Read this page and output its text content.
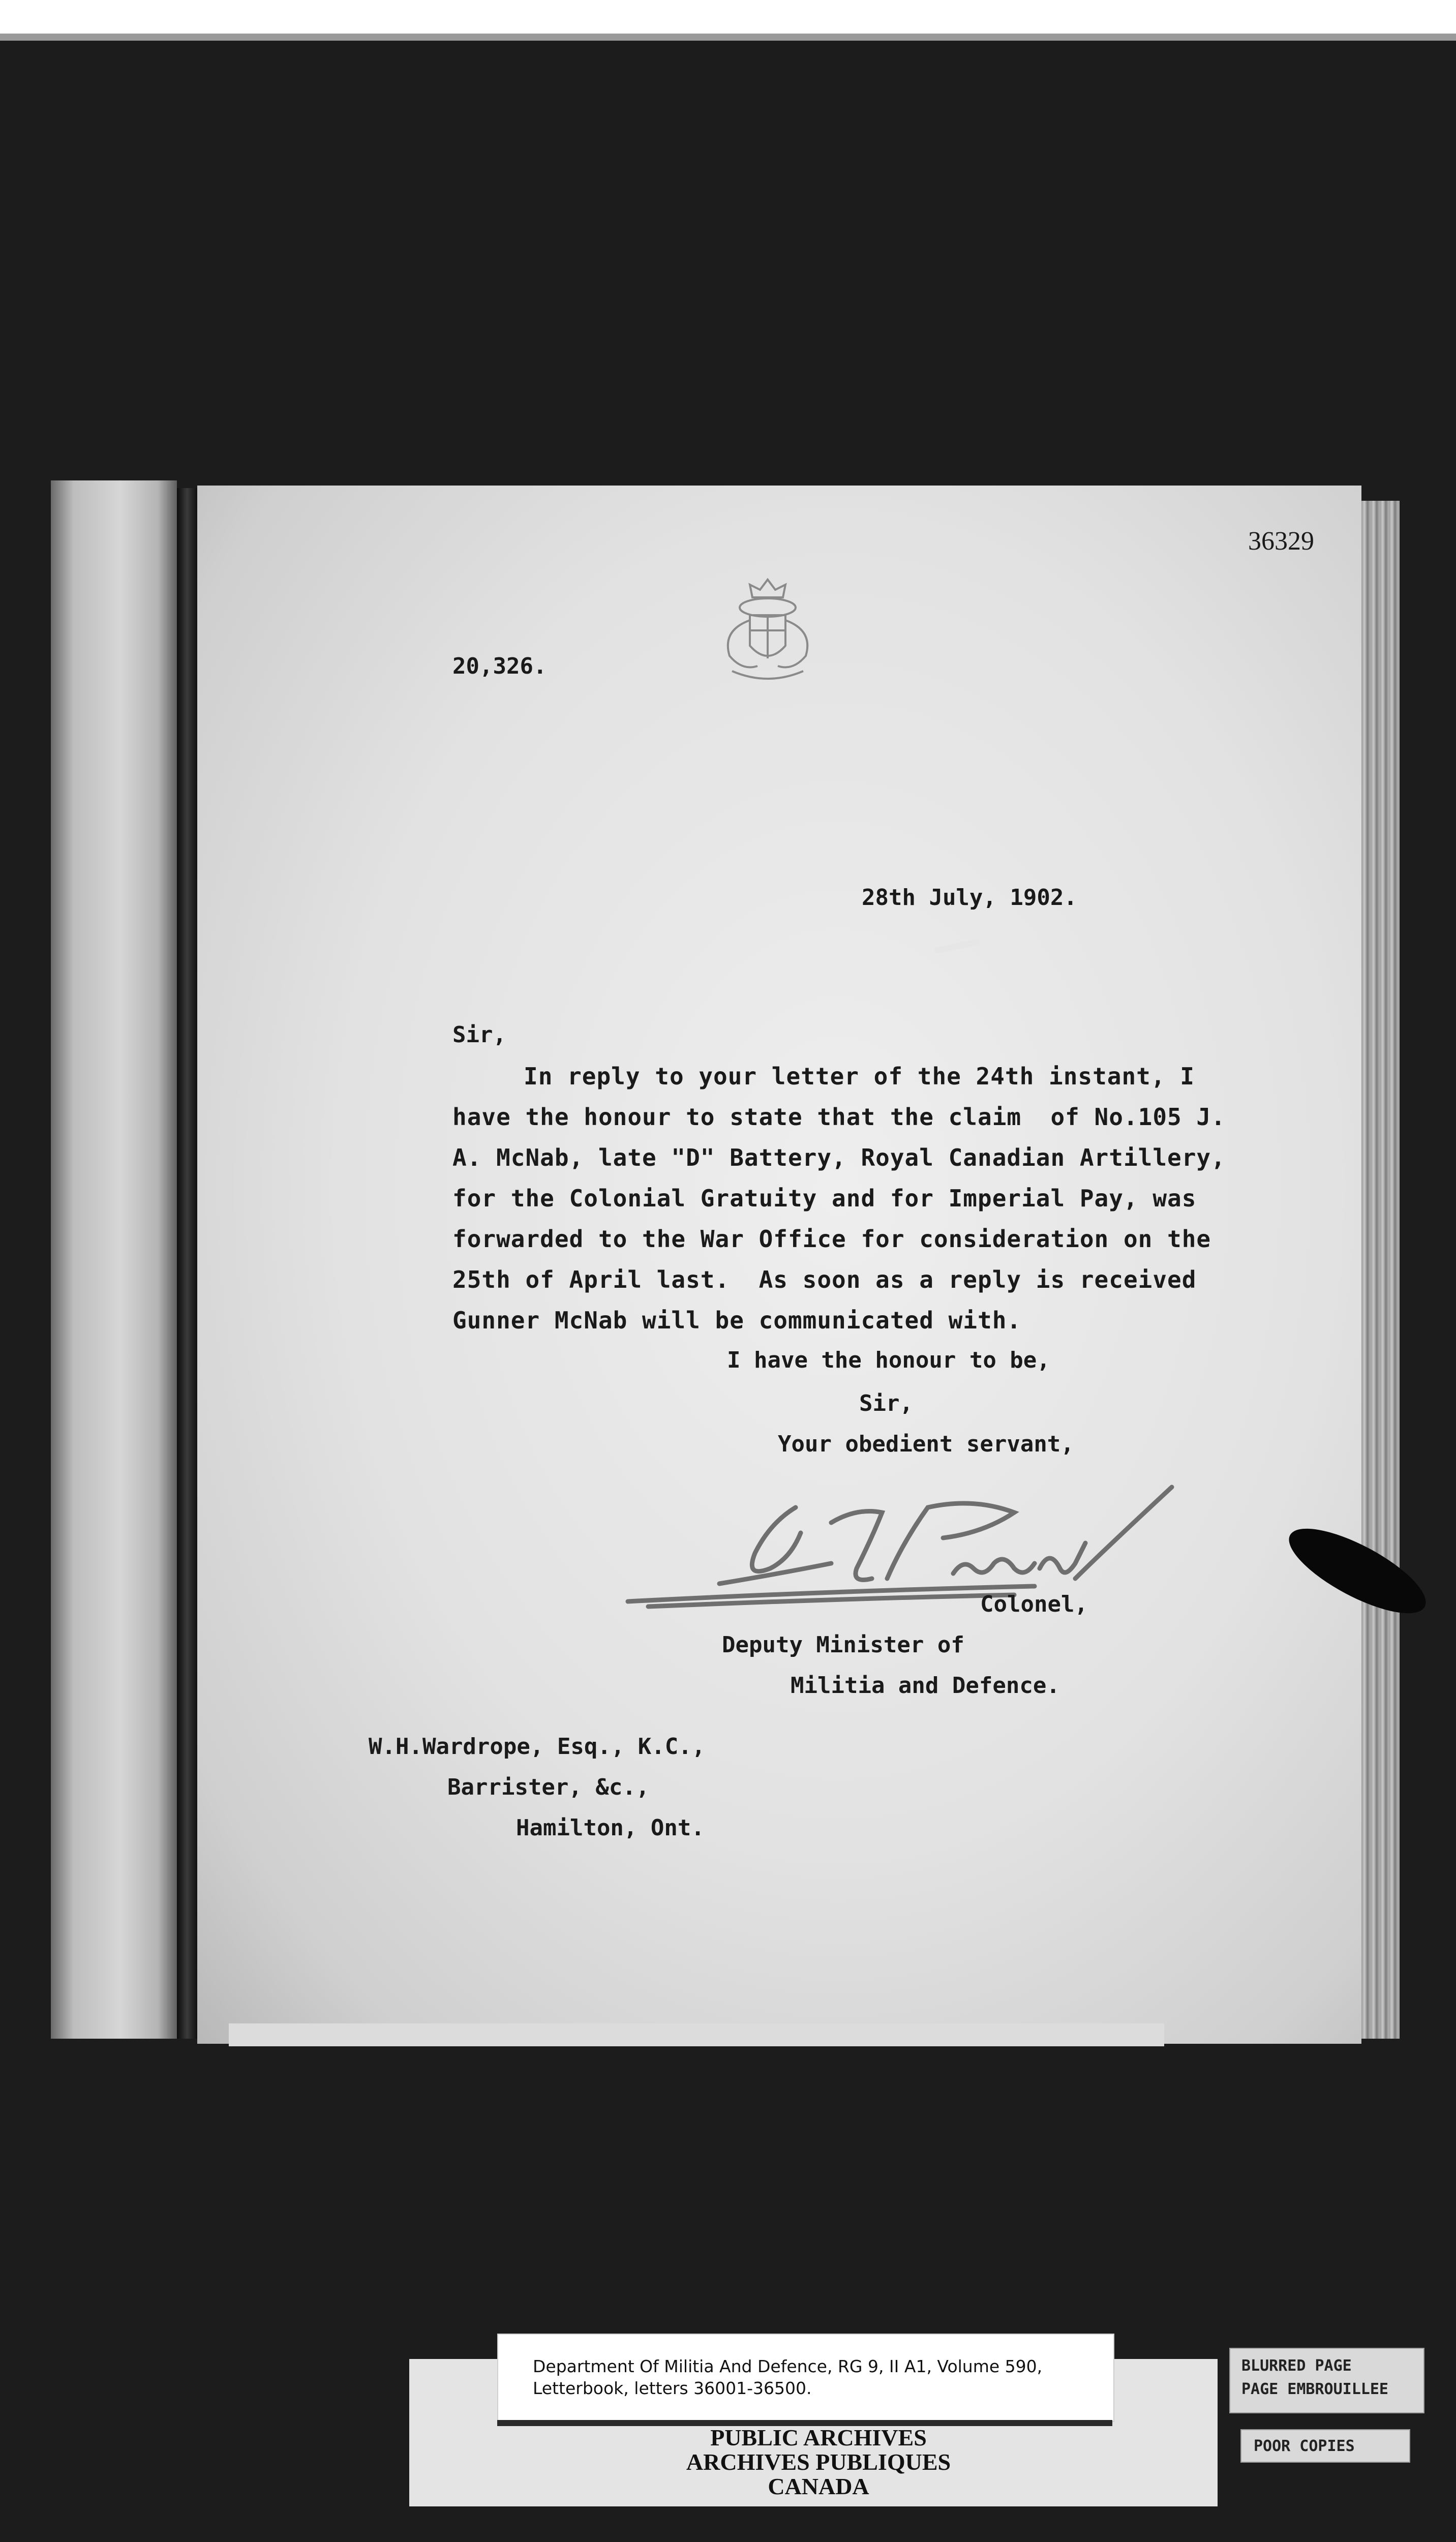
36329
20,326.
28th July, 1902.
Sir,
In reply to your letter of the 24th instant, I
have the honour to state that the claim  of No.105 J.
A. McNab, late "D" Battery, Royal Canadian Artillery,
for the Colonial Gratuity and for Imperial Pay, was
forwarded to the War Office for consideration on the
25th of April last.  As soon as a reply is received
Gunner McNab will be communicated with.
I have the honour to be,
Sir,
Your obedient servant,
Colonel,
Deputy Minister of
Militia and Defence.
W.H.Wardrope, Esq., K.C.,
Barrister, &c.,
Hamilton, Ont.
Department Of Militia And Defence, RG 9, II A1, Volume 590,
Letterbook, letters 36001-36500.
PUBLIC ARCHIVES
ARCHIVES PUBLIQUES
CANADA
BLURRED PAGE
PAGE EMBROUILLEE
POOR COPIES
